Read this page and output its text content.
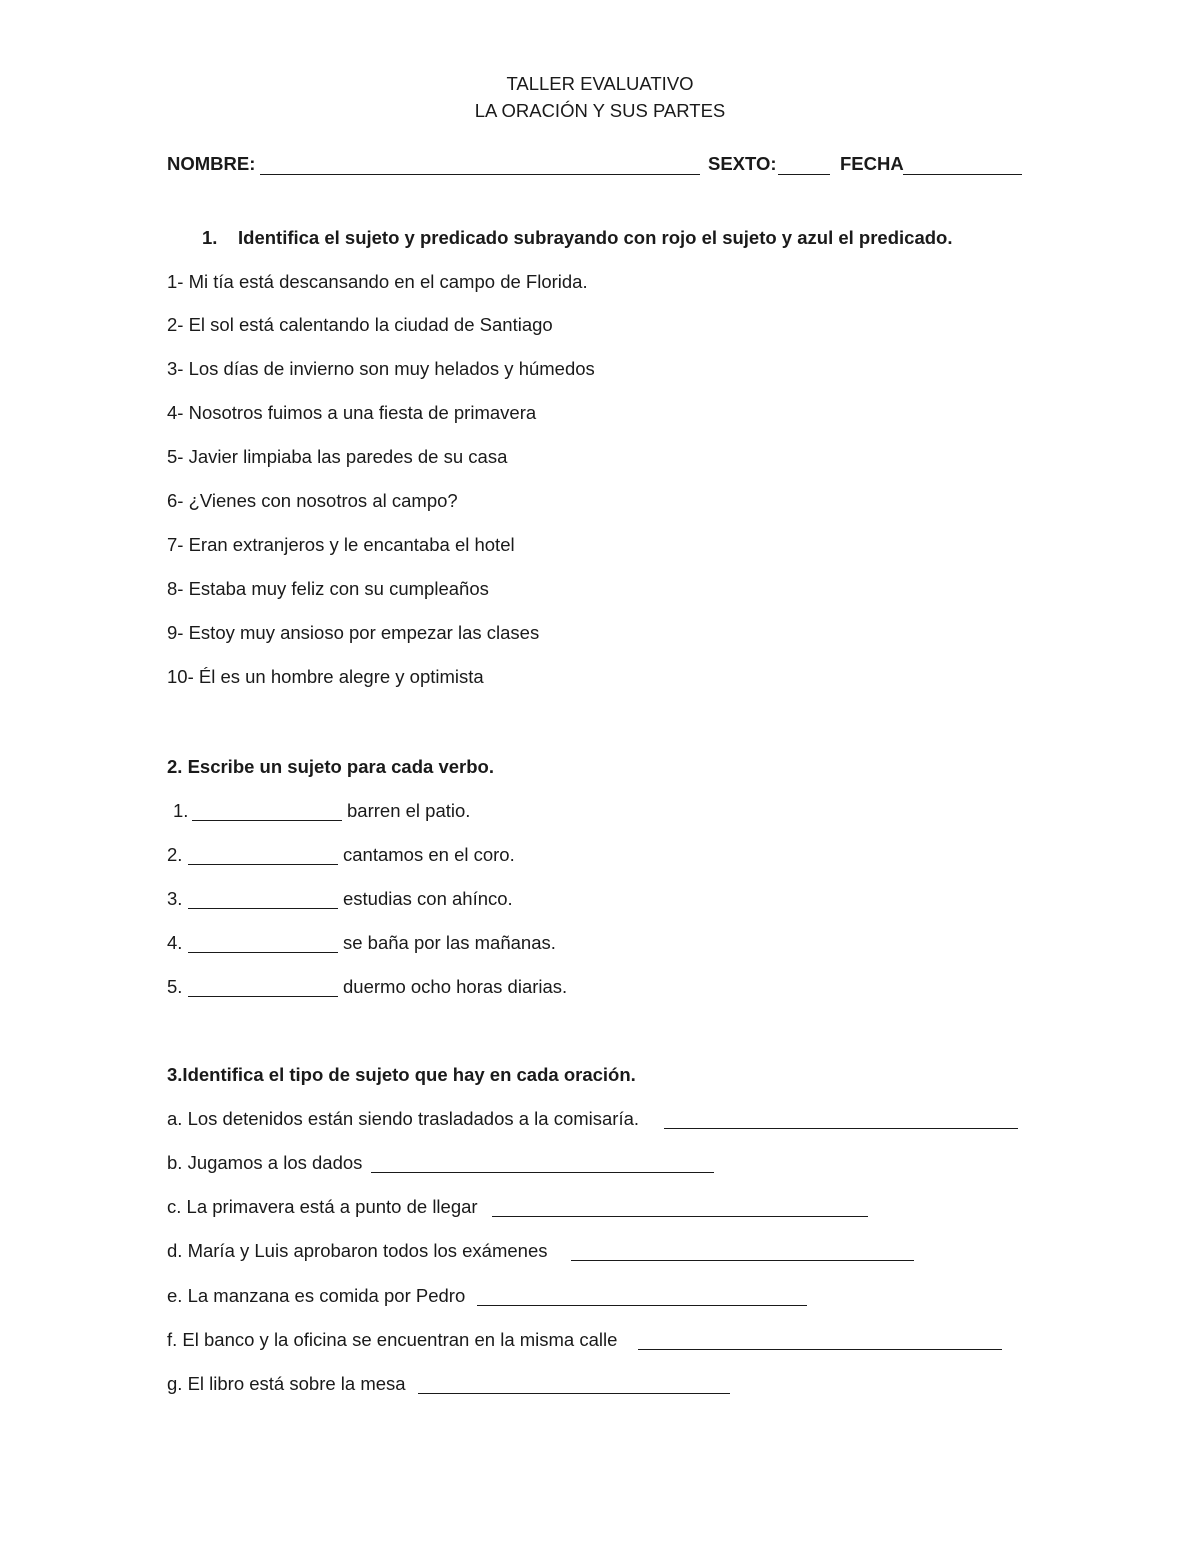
TALLER EVALUATIVO
LA ORACIÓN Y SUS PARTES
NOMBRE:	SEXTO:	FECHA
1. Identifica el sujeto y predicado subrayando con rojo el sujeto y azul el predicado.
1- Mi tía está descansando en el campo de Florida.
2- El sol está calentando la ciudad de Santiago
3- Los días de invierno son muy helados y húmedos
4- Nosotros fuimos a una fiesta de primavera
5- Javier limpiaba las paredes de su casa
6- ¿Vienes con nosotros al campo?
7- Eran extranjeros y le encantaba el hotel
8- Estaba muy feliz con su cumpleaños
9- Estoy muy ansioso por empezar las clases
10- Él es un hombre alegre y optimista
2. Escribe un sujeto para cada verbo.
1.	barren el patio.
2.	cantamos en el coro.
3.	estudias con ahínco.
4.	se baña por las mañanas.
5.	duermo ocho horas diarias.
3.Identifica el tipo de sujeto que hay en cada oración.
a. Los detenidos están siendo trasladados a la comisaría.
b. Jugamos a los dados
c. La primavera está a punto de llegar
d. María y Luis aprobaron todos los exámenes
e. La manzana es comida por Pedro
f. El banco y la oficina se encuentran en la misma calle
g. El libro está sobre la mesa
